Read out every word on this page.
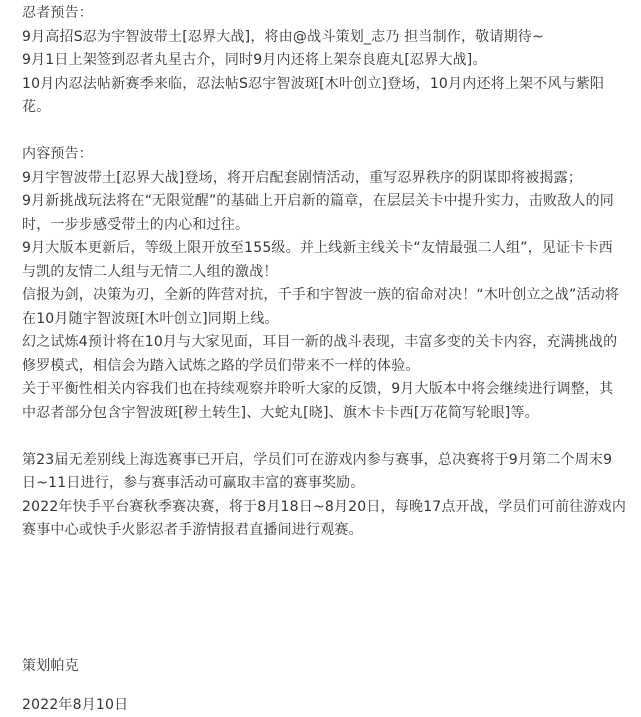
忍者预告：

9月高招S忍为宇智波带土[忍界大战]，将由@战斗策划_志乃 担当制作，敬请期待~

9月1日上架签到忍者丸星古介，同时9月内还将上架奈良鹿丸[忍界大战]。

10月内忍法帖新赛季来临，忍法帖S忍宇智波斑[木叶创立]登场，10月内还将上架不风与紫阳花。

内容预告：

9月宇智波带土[忍界大战]登场，将开启配套剧情活动，重写忍界秩序的阴谋即将被揭露；

9月新挑战玩法将在“无限觉醒”的基础上开启新的篇章，在层层关卡中提升实力，击败敌人的同时，一步步感受带土的内心和过往。

9月大版本更新后，等级上限开放至155级。并上线新主线关卡“友情最强二人组”，见证卡卡西与凯的友情二人组与无情二人组的激战！

信报为剑，决策为刃，全新的阵营对抗，千手和宇智波一族的宿命对决！“木叶创立之战”活动将在10月随宇智波斑[木叶创立]同期上线。

幻之试炼4预计将在10月与大家见面，耳目一新的战斗表现，丰富多变的关卡内容，充满挑战的修罗模式，相信会为踏入试炼之路的学员们带来不一样的体验。

关于平衡性相关内容我们也在持续观察并聆听大家的反馈，9月大版本中将会继续进行调整，其中忍者部分包含宇智波斑[秽土转生]、大蛇丸[晓]、旗木卡卡西[万花简写轮眼]等。

第23届无差别线上海选赛事已开启，学员们可在游戏内参与赛事，总决赛将于9月第二个周末9日~11日进行，参与赛事活动可赢取丰富的赛事奖励。

2022年快手平台赛秋季赛决赛，将于8月18日~8月20日，每晚17点开战，学员们可前往游戏内赛事中心或快手火影忍者手游情报君直播间进行观赛。

策划帕克

2022年8月10日
